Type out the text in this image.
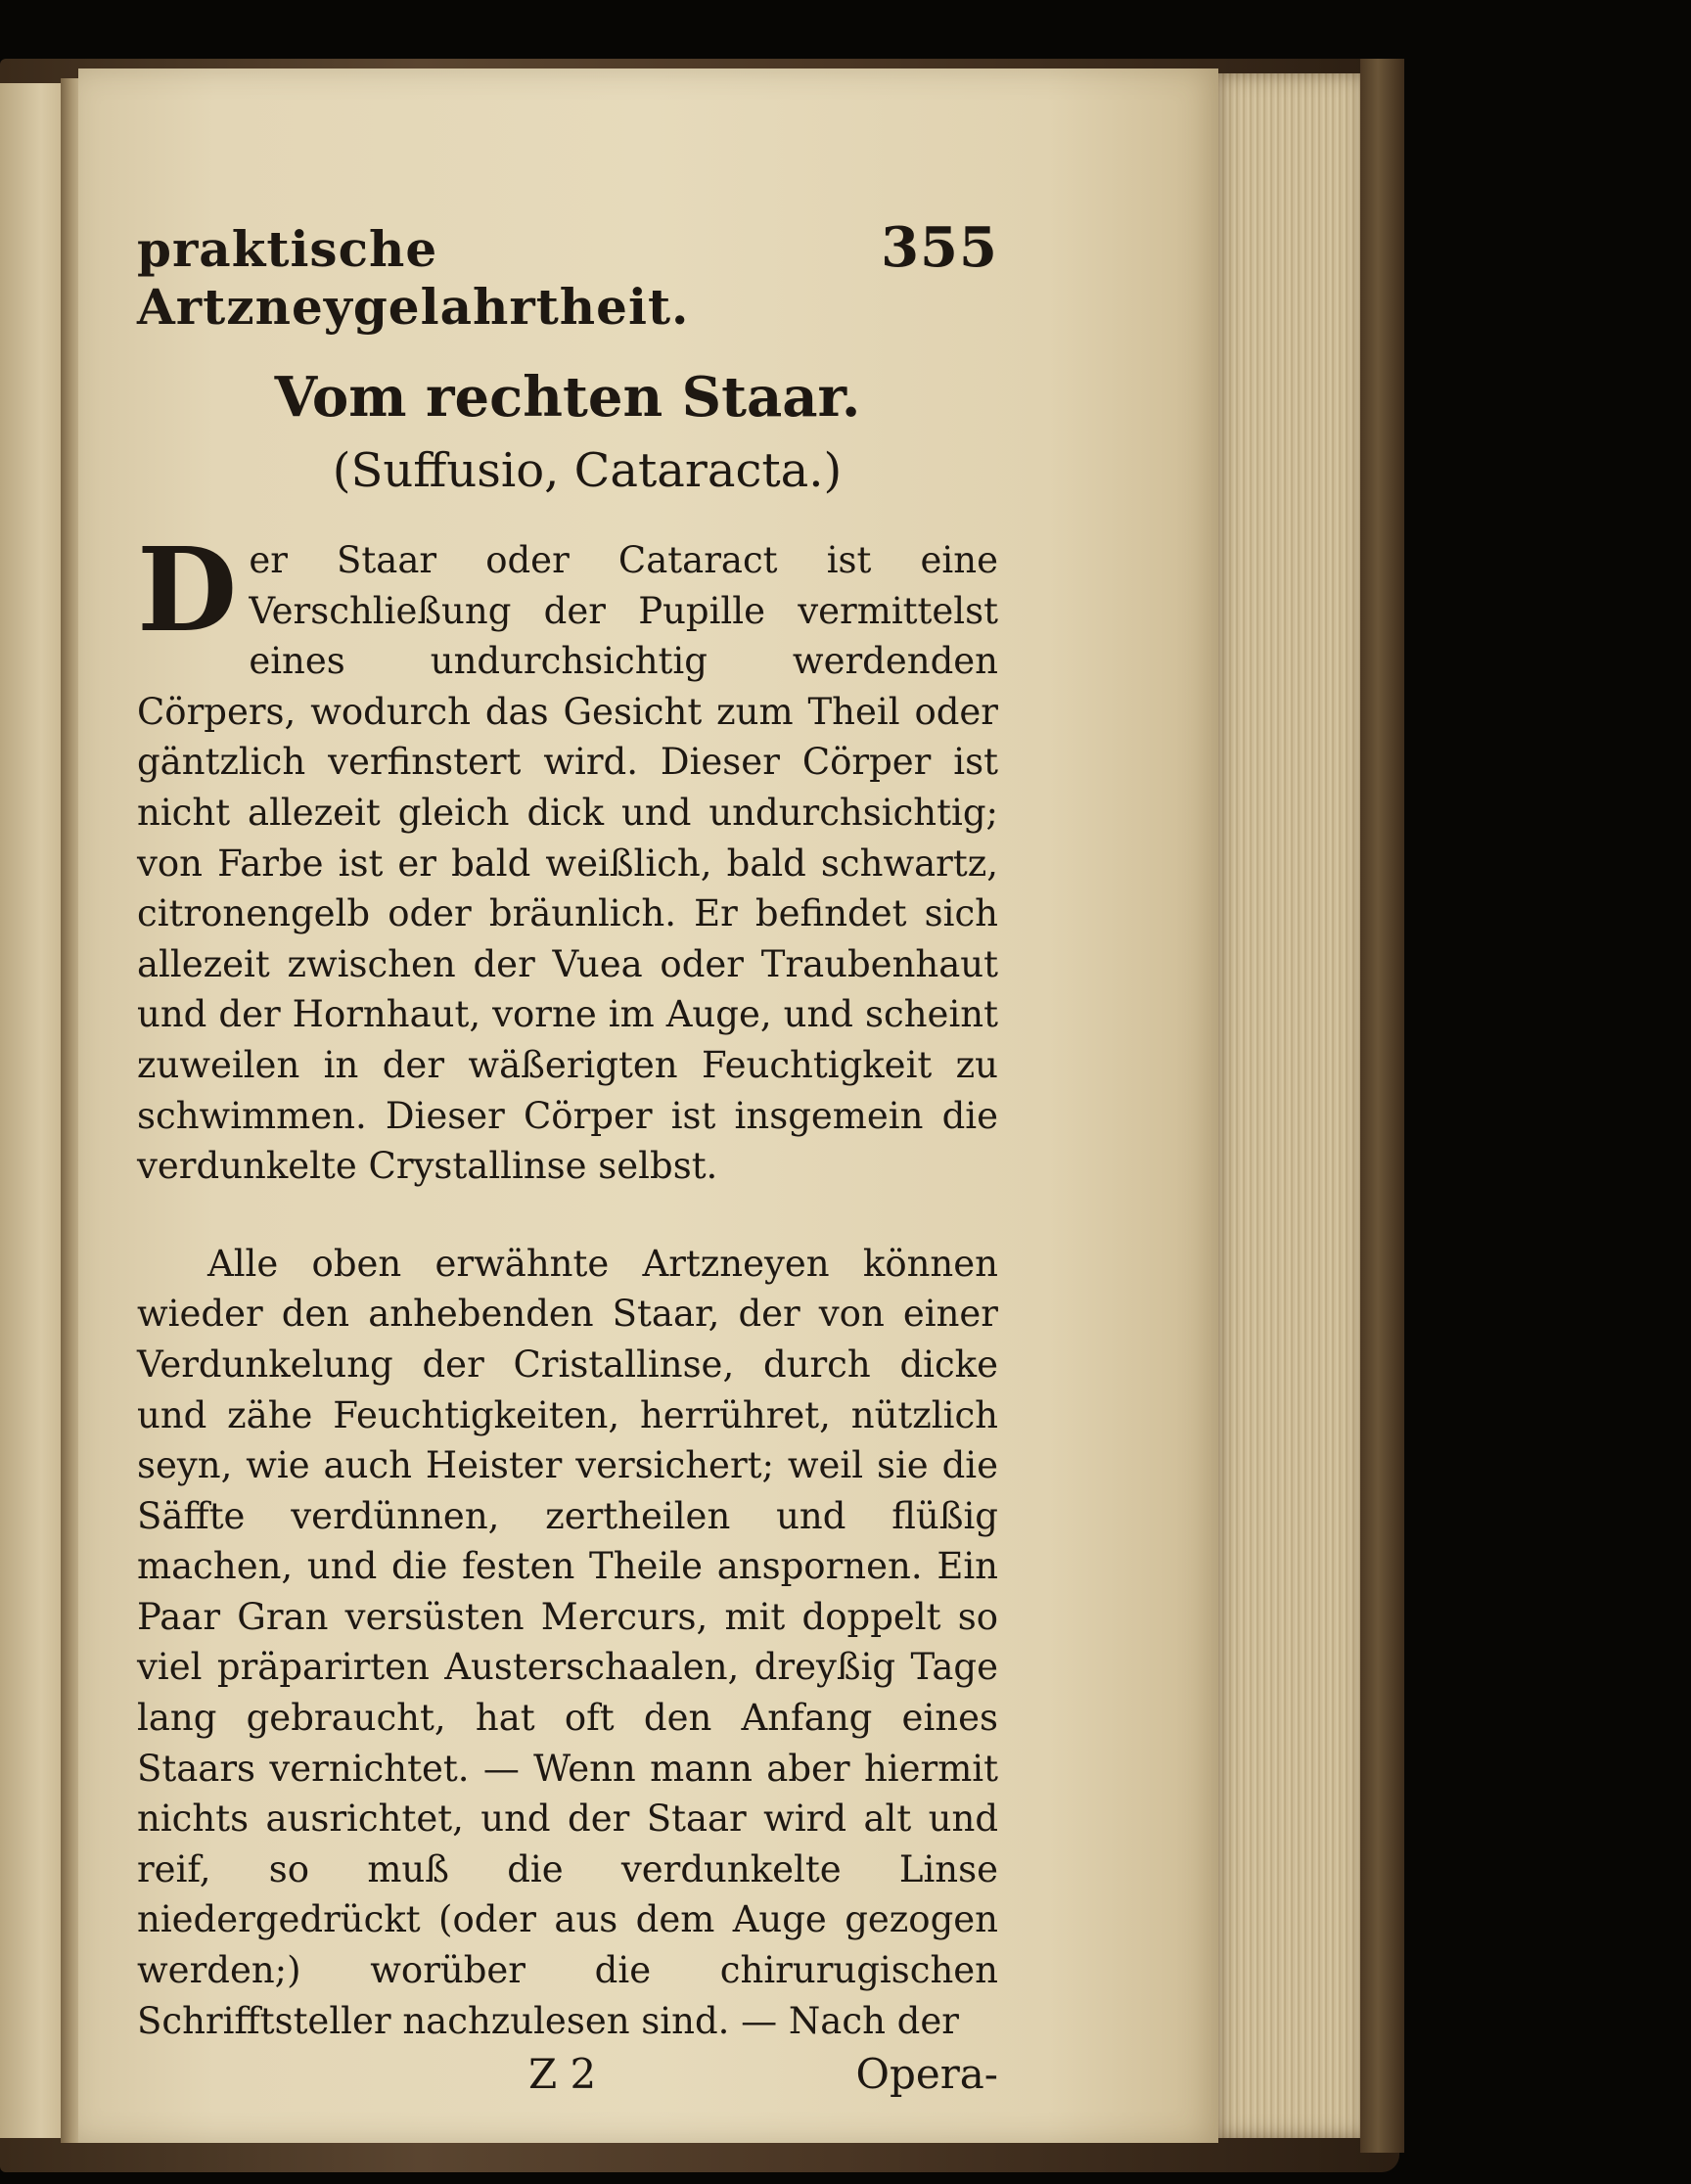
praktische Artzneygelahrtheit.
355
Vom rechten Staar.
(Suffusio, Cataracta.)
Der Staar oder Cataract ist eine Verschließung der Pupille vermittelst eines undurchsichtig werdenden Cörpers, wodurch das Gesicht zum Theil oder gäntzlich verfinstert wird. Dieser Cörper ist nicht allezeit gleich dick und undurchsichtig; von Farbe ist er bald weißlich, bald schwartz, citronengelb oder bräunlich. Er befindet sich allezeit zwischen der Vuea oder Traubenhaut und der Hornhaut, vorne im Auge, und scheint zuweilen in der wäßerigten Feuchtigkeit zu schwimmen. Dieser Cörper ist insgemein die verdunkelte Crystallinse selbst.
Alle oben erwähnte Artzneyen können wieder den anhebenden Staar, der von einer Verdunkelung der Cristallinse, durch dicke und zähe Feuchtigkeiten, herrühret, nützlich seyn, wie auch Heister versichert; weil sie die Säffte verdünnen, zertheilen und flüßig machen, und die festen Theile anspornen. Ein Paar Gran versüsten Mercurs, mit doppelt so viel präparirten Austerschaalen, dreyßig Tage lang gebraucht, hat oft den Anfang eines Staars vernichtet. — Wenn mann aber hiermit nichts ausrichtet, und der Staar wird alt und reif, so muß die verdunkelte Linse niedergedrückt (oder aus dem Auge gezogen werden;) worüber die chirurugischen Schrifftsteller nachzulesen sind. — Nach der
Z 2	Opera-
